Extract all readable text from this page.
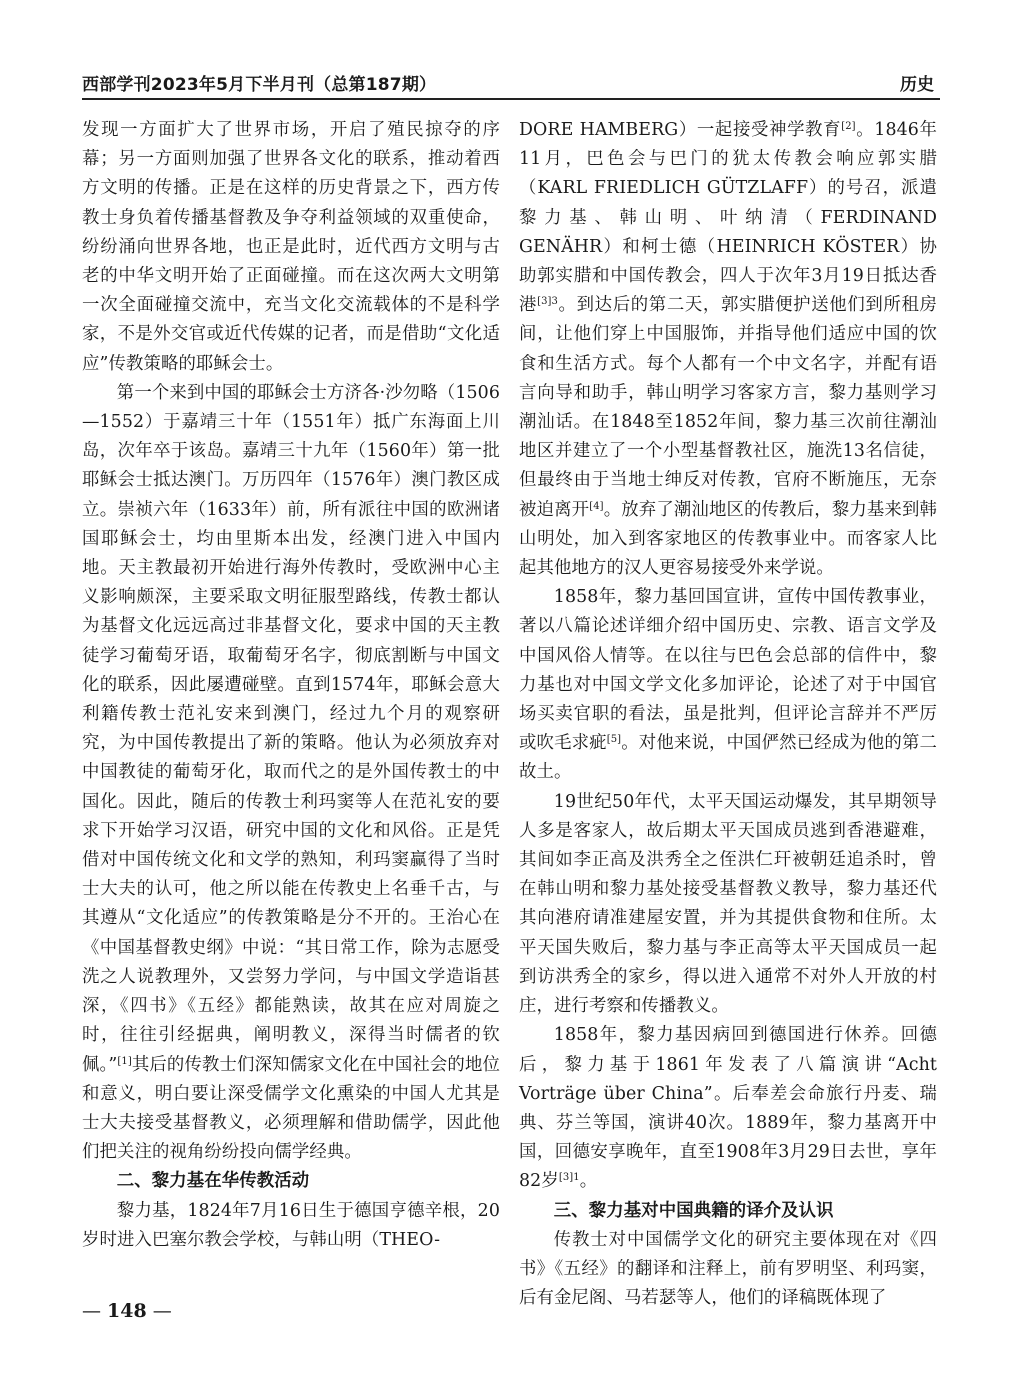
西部学刊2023年5月下半月刊（总第187期）	历史

发现一方面扩大了世界市场，开启了殖民掠夺的序幕；另一方面则加强了世界各文化的联系，推动着西方文明的传播。正是在这样的历史背景之下，西方传教士身负着传播基督教及争夺利益领域的双重使命，纷纷涌向世界各地，也正是此时，近代西方文明与古老的中华文明开始了正面碰撞。而在这次两大文明第一次全面碰撞交流中，充当文化交流载体的不是科学家，不是外交官或近代传媒的记者，而是借助“文化适应”传教策略的耶稣会士。

第一个来到中国的耶稣会士方济各·沙勿略（1506—1552）于嘉靖三十年（1551年）抵广东海面上川岛，次年卒于该岛。嘉靖三十九年（1560年）第一批耶稣会士抵达澳门。万历四年（1576年）澳门教区成立。崇祯六年（1633年）前，所有派往中国的欧洲诸国耶稣会士，均由里斯本出发，经澳门进入中国内地。天主教最初开始进行海外传教时，受欧洲中心主义影响颇深，主要采取文明征服型路线，传教士都认为基督文化远远高过非基督文化，要求中国的天主教徒学习葡萄牙语，取葡萄牙名字，彻底割断与中国文化的联系，因此屡遭碰壁。直到1574年，耶稣会意大利籍传教士范礼安来到澳门，经过九个月的观察研究，为中国传教提出了新的策略。他认为必须放弃对中国教徒的葡萄牙化，取而代之的是外国传教士的中国化。因此，随后的传教士利玛窦等人在范礼安的要求下开始学习汉语，研究中国的文化和风俗。正是凭借对中国传统文化和文学的熟知，利玛窦赢得了当时士大夫的认可，他之所以能在传教史上名垂千古，与其遵从“文化适应”的传教策略是分不开的。王治心在《中国基督教史纲》中说：“其日常工作，除为志愿受洗之人说教理外，又尝努力学问，与中国文学造诣甚深，《四书》《五经》都能熟读，故其在应对周旋之时，往往引经据典，阐明教义，深得当时儒者的钦佩。”[1]其后的传教士们深知儒家文化在中国社会的地位和意义，明白要让深受儒学文化熏染的中国人尤其是士大夫接受基督教义，必须理解和借助儒学，因此他们把关注的视角纷纷投向儒学经典。

二、黎力基在华传教活动

黎力基，1824年7月16日生于德国亨德辛根，20岁时进入巴塞尔教会学校，与韩山明（THEO-

DORE HAMBERG）一起接受神学教育[2]。1846年11月，巴色会与巴门的犹太传教会响应郭实腊（KARL FRIEDLICH GÜTZLAFF）的号召，派遣黎力基、韩山明、叶纳清（FERDINAND GENÄHR）和柯士德（HEINRICH KÖSTER）协助郭实腊和中国传教会，四人于次年3月19日抵达香港$^{[3]3}$。到达后的第二天，郭实腊便护送他们到所租房间，让他们穿上中国服饰，并指导他们适应中国的饮食和生活方式。每个人都有一个中文名字，并配有语言向导和助手，韩山明学习客家方言，黎力基则学习潮汕话。在1848至1852年间，黎力基三次前往潮汕地区并建立了一个小型基督教社区，施洗13名信徒，但最终由于当地士绅反对传教，官府不断施压，无奈被迫离开[4]。放弃了潮汕地区的传教后，黎力基来到韩山明处，加入到客家地区的传教事业中。而客家人比起其他地方的汉人更容易接受外来学说。

1858年，黎力基回国宣讲，宣传中国传教事业，著以八篇论述详细介绍中国历史、宗教、语言文学及中国风俗人情等。在以往与巴色会总部的信件中，黎力基也对中国文学文化多加评论，论述了对于中国官场买卖官职的看法，虽是批判，但评论言辞并不严厉或吹毛求疵[5]。对他来说，中国俨然已经成为他的第二故土。

19世纪50年代，太平天国运动爆发，其早期领导人多是客家人，故后期太平天国成员逃到香港避难，其间如李正高及洪秀全之侄洪仁玕被朝廷追杀时，曾在韩山明和黎力基处接受基督教义教导，黎力基还代其向港府请准建屋安置，并为其提供食物和住所。太平天国失败后，黎力基与李正高等太平天国成员一起到访洪秀全的家乡，得以进入通常不对外人开放的村庄，进行考察和传播教义。

1858年，黎力基因病回到德国进行休养。回德后，黎力基于1861年发表了八篇演讲“Acht Vorträge über China”。后奉差会命旅行丹麦、瑞典、芬兰等国，演讲40次。1889年，黎力基离开中国，回德安享晚年，直至1908年3月29日去世，享年82岁$^{[3]1}$。

三、黎力基对中国典籍的译介及认识

传教士对中国儒学文化的研究主要体现在对《四书》《五经》的翻译和注释上，前有罗明坚、利玛窦，后有金尼阁、马若瑟等人，他们的译稿既体现了

— 148 —
